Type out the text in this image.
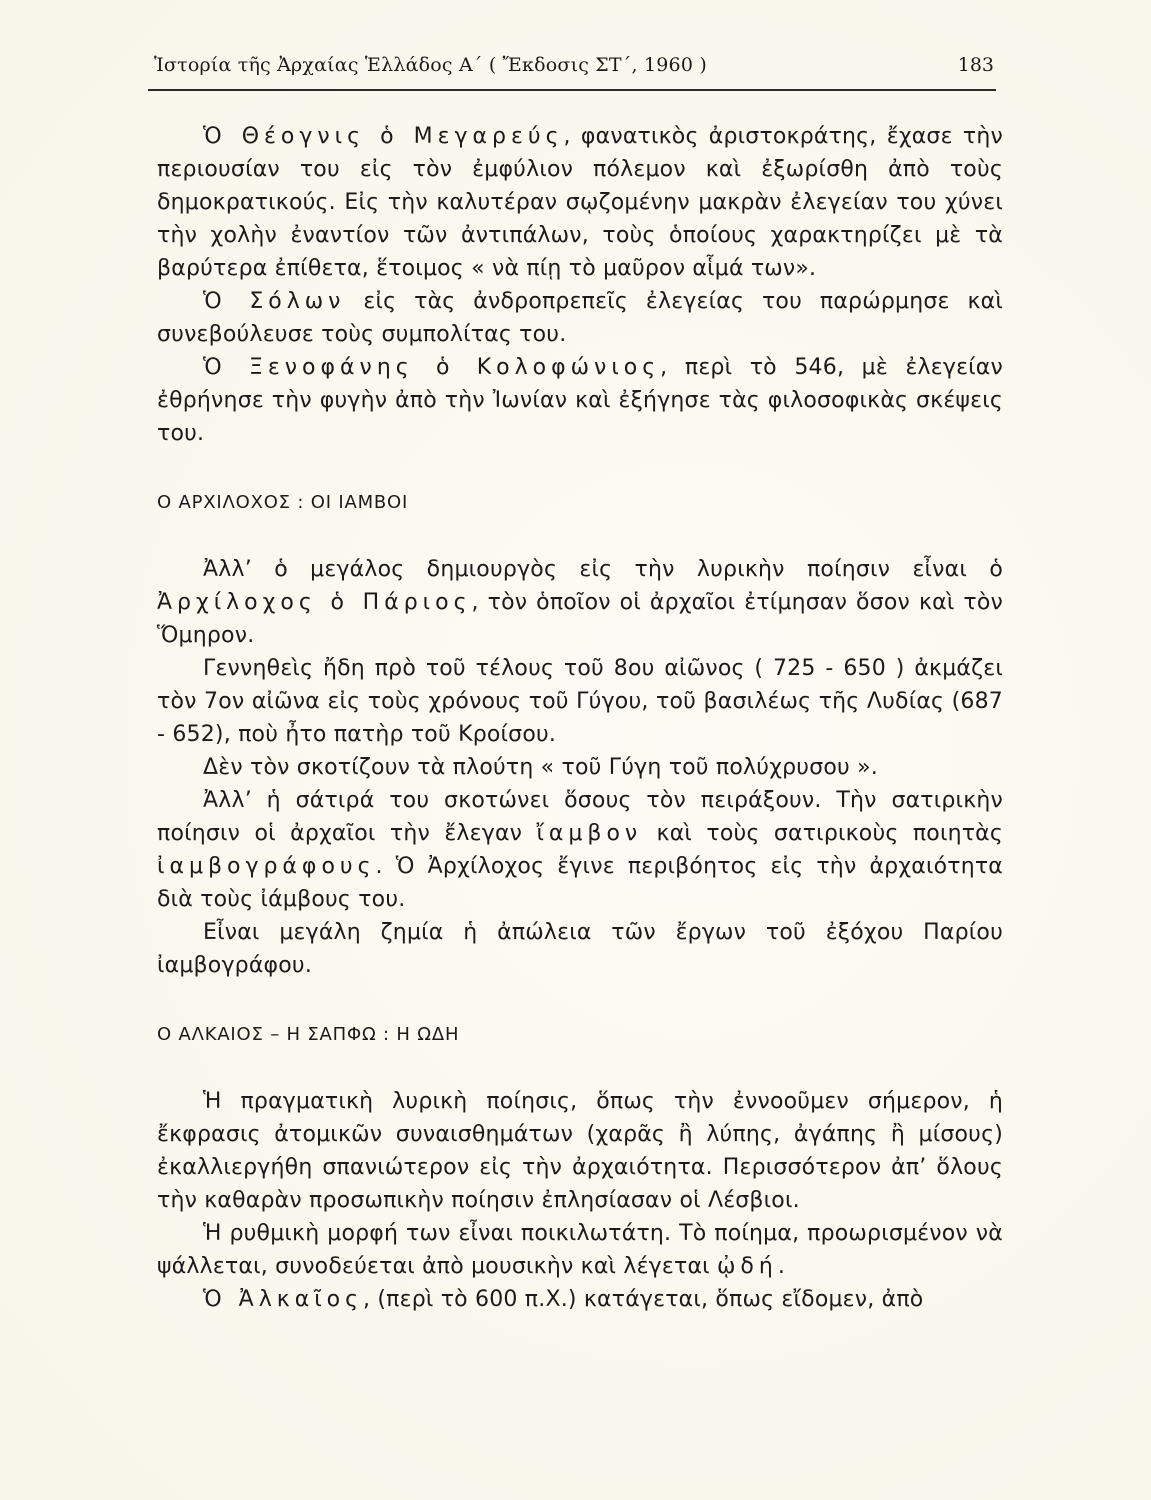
Ἱστορία τῆς Ἀρχαίας Ἑλλάδος Α΄ ( Ἔκδοσις ΣΤ΄, 1960 )	183

Ὁ Θέογνις ὁ Μεγαρεύς, φανατικὸς ἀριστοκράτης, ἔχασε τὴν περιουσίαν του εἰς τὸν ἐμφύλιον πόλεμον καὶ ἐξωρίσθη ἀπὸ τοὺς δημοκρατικούς. Εἰς τὴν καλυτέραν σῳζομένην μακρὰν ἐλεγείαν του χύνει τὴν χολὴν ἐναντίον τῶν ἀντιπάλων, τοὺς ὁποίους χαρακτηρίζει μὲ τὰ βαρύτερα ἐπίθετα, ἕτοιμος « νὰ πίῃ τὸ μαῦρον αἷμά των».

Ὁ Σόλων εἰς τὰς ἀνδροπρεπεῖς ἐλεγείας του παρώρμησε καὶ συνεβούλευσε τοὺς συμπολίτας του.

Ὁ Ξενοφάνης ὁ Κολοφώνιος, περὶ τὸ 546, μὲ ἐλεγείαν ἐθρήνησε τὴν φυγὴν ἀπὸ τὴν Ἰωνίαν καὶ ἐξήγησε τὰς φιλοσοφικὰς σκέψεις του.

Ο ΑΡΧΙΛΟΧΟΣ : ΟΙ ΙΑΜΒΟΙ

Ἀλλ’ ὁ μεγάλος δημιουργὸς εἰς τὴν λυρικὴν ποίησιν εἶναι ὁ Ἀρχίλοχος ὁ Πάριος, τὸν ὁποῖον οἱ ἀρχαῖοι ἐτίμησαν ὅσον καὶ τὸν Ὅμηρον.

Γεννηθεὶς ἤδη πρὸ τοῦ τέλους τοῦ 8ου αἰῶνος ( 725 - 650 ) ἀκμάζει τὸν 7ον αἰῶνα εἰς τοὺς χρόνους τοῦ Γύγου, τοῦ βασιλέως τῆς Λυδίας (687 - 652), ποὺ ἦτο πατὴρ τοῦ Κροίσου.

Δὲν τὸν σκοτίζουν τὰ πλούτη « τοῦ Γύγη τοῦ πολύχρυσου ».

Ἀλλ’ ἡ σάτιρά του σκοτώνει ὅσους τὸν πειράξουν. Τὴν σατιρικὴν ποίησιν οἱ ἀρχαῖοι τὴν ἔλεγαν ἴαμβον καὶ τοὺς σατιρικοὺς ποιητὰς ἰαμβογράφους. Ὁ Ἀρχίλοχος ἔγινε περιβόητος εἰς τὴν ἀρχαιότητα διὰ τοὺς ἰάμβους του.

Εἶναι μεγάλη ζημία ἡ ἀπώλεια τῶν ἔργων τοῦ ἐξόχου Παρίου ἰαμβογράφου.

Ο ΑΛΚΑΙΟΣ – Η ΣΑΠΦΩ : Η ΩΔΗ

Ἡ πραγματικὴ λυρικὴ ποίησις, ὅπως τὴν ἐννοοῦμεν σήμερον, ἡ ἔκφρασις ἀτομικῶν συναισθημάτων (χαρᾶς ἢ λύπης, ἀγάπης ἢ μίσους) ἐκαλλιεργήθη σπανιώτερον εἰς τὴν ἀρχαιότητα. Περισσότερον ἀπ’ ὅλους τὴν καθαρὰν προσωπικὴν ποίησιν ἐπλησίασαν οἱ Λέσβιοι.

Ἡ ρυθμικὴ μορφή των εἶναι ποικιλωτάτη. Τὸ ποίημα, προωρισμένον νὰ ψάλλεται, συνοδεύεται ἀπὸ μουσικὴν καὶ λέγεται ᾠδή.

Ὁ Ἀλκαῖος, (περὶ τὸ 600 π.Χ.) κατάγεται, ὅπως εἴδομεν, ἀπὸ
